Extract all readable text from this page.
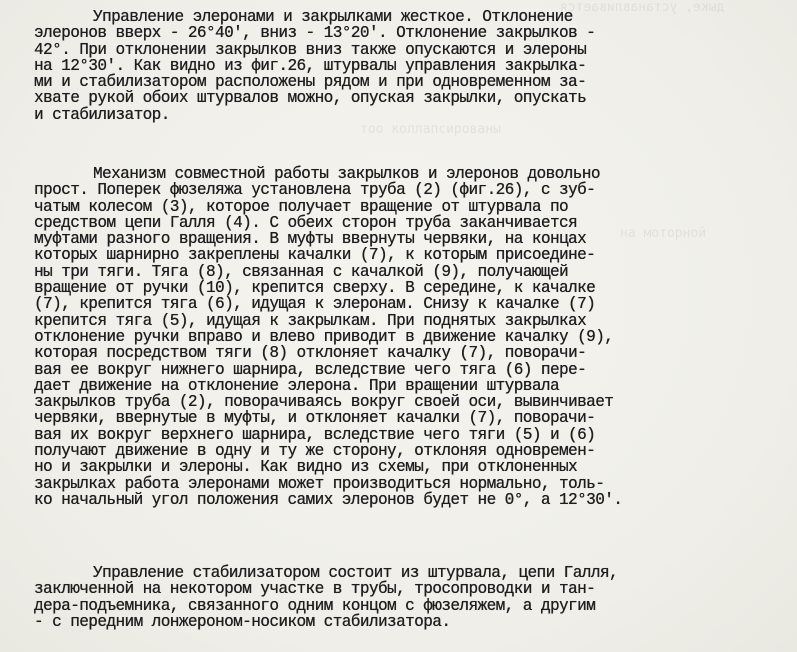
дыке, устанавливается
тоо коллапсированы
на моторной
Управление элеронами и закрылками жесткое. Отклонение
элеронов вверх - 26°40', вниз - 13°20'. Отклонение закрылков -
42°. При отклонении закрылков вниз также опускаются и элероны
на 12°30'. Как видно из фиг.26, штурвалы управления закрылка-
ми и стабилизатором расположены рядом и при одновременном за-
хвате рукой обоих штурвалов можно, опуская закрылки, опускать
и стабилизатор.
Механизм совместной работы закрылков и элеронов довольно
прост. Поперек фюзеляжа установлена труба (2) (фиг.26), с зуб-
чатым колесом (3), которое получает вращение от штурвала по
средством цепи Галля (4). С обеих сторон труба заканчивается
муфтами разного вращения. В муфты ввернуты червяки, на концах
которых шарнирно закреплены качалки (7), к которым присоедине-
ны три тяги. Тяга (8), связанная с качалкой (9), получающей
вращение от ручки (10), крепится сверху. В середине, к качалке
(7), крепится тяга (6), идущая к элеронам. Снизу к качалке (7)
крепится тяга (5), идущая к закрылкам. При поднятых закрылках
отклонение ручки вправо и влево приводит в движение качалку (9),
которая посредством тяги (8) отклоняет качалку (7), поворачи-
вая ее вокруг нижнего шарнира, вследствие чего тяга (6) пере-
дает движение на отклонение элерона. При вращении штурвала
закрылков труба (2), поворачиваясь вокруг своей оси, вывинчивает
червяки, ввернутые в муфты, и отклоняет качалки (7), поворачи-
вая их вокруг верхнего шарнира, вследствие чего тяги (5) и (6)
получают движение в одну и ту же сторону, отклоняя одновремен-
но и закрылки и элероны. Как видно из схемы, при отклоненных
закрылках работа элеронами может производиться нормально, толь-
ко начальный угол положения самих элеронов будет не 0°, а 12°30'.
Управление стабилизатором состоит из штурвала, цепи Галля,
заключенной на некотором участке в трубы, тросопроводки и тан-
дера-подъемника, связанного одним концом с фюзеляжем, а другим
- с передним лонжероном-носиком стабилизатора.
